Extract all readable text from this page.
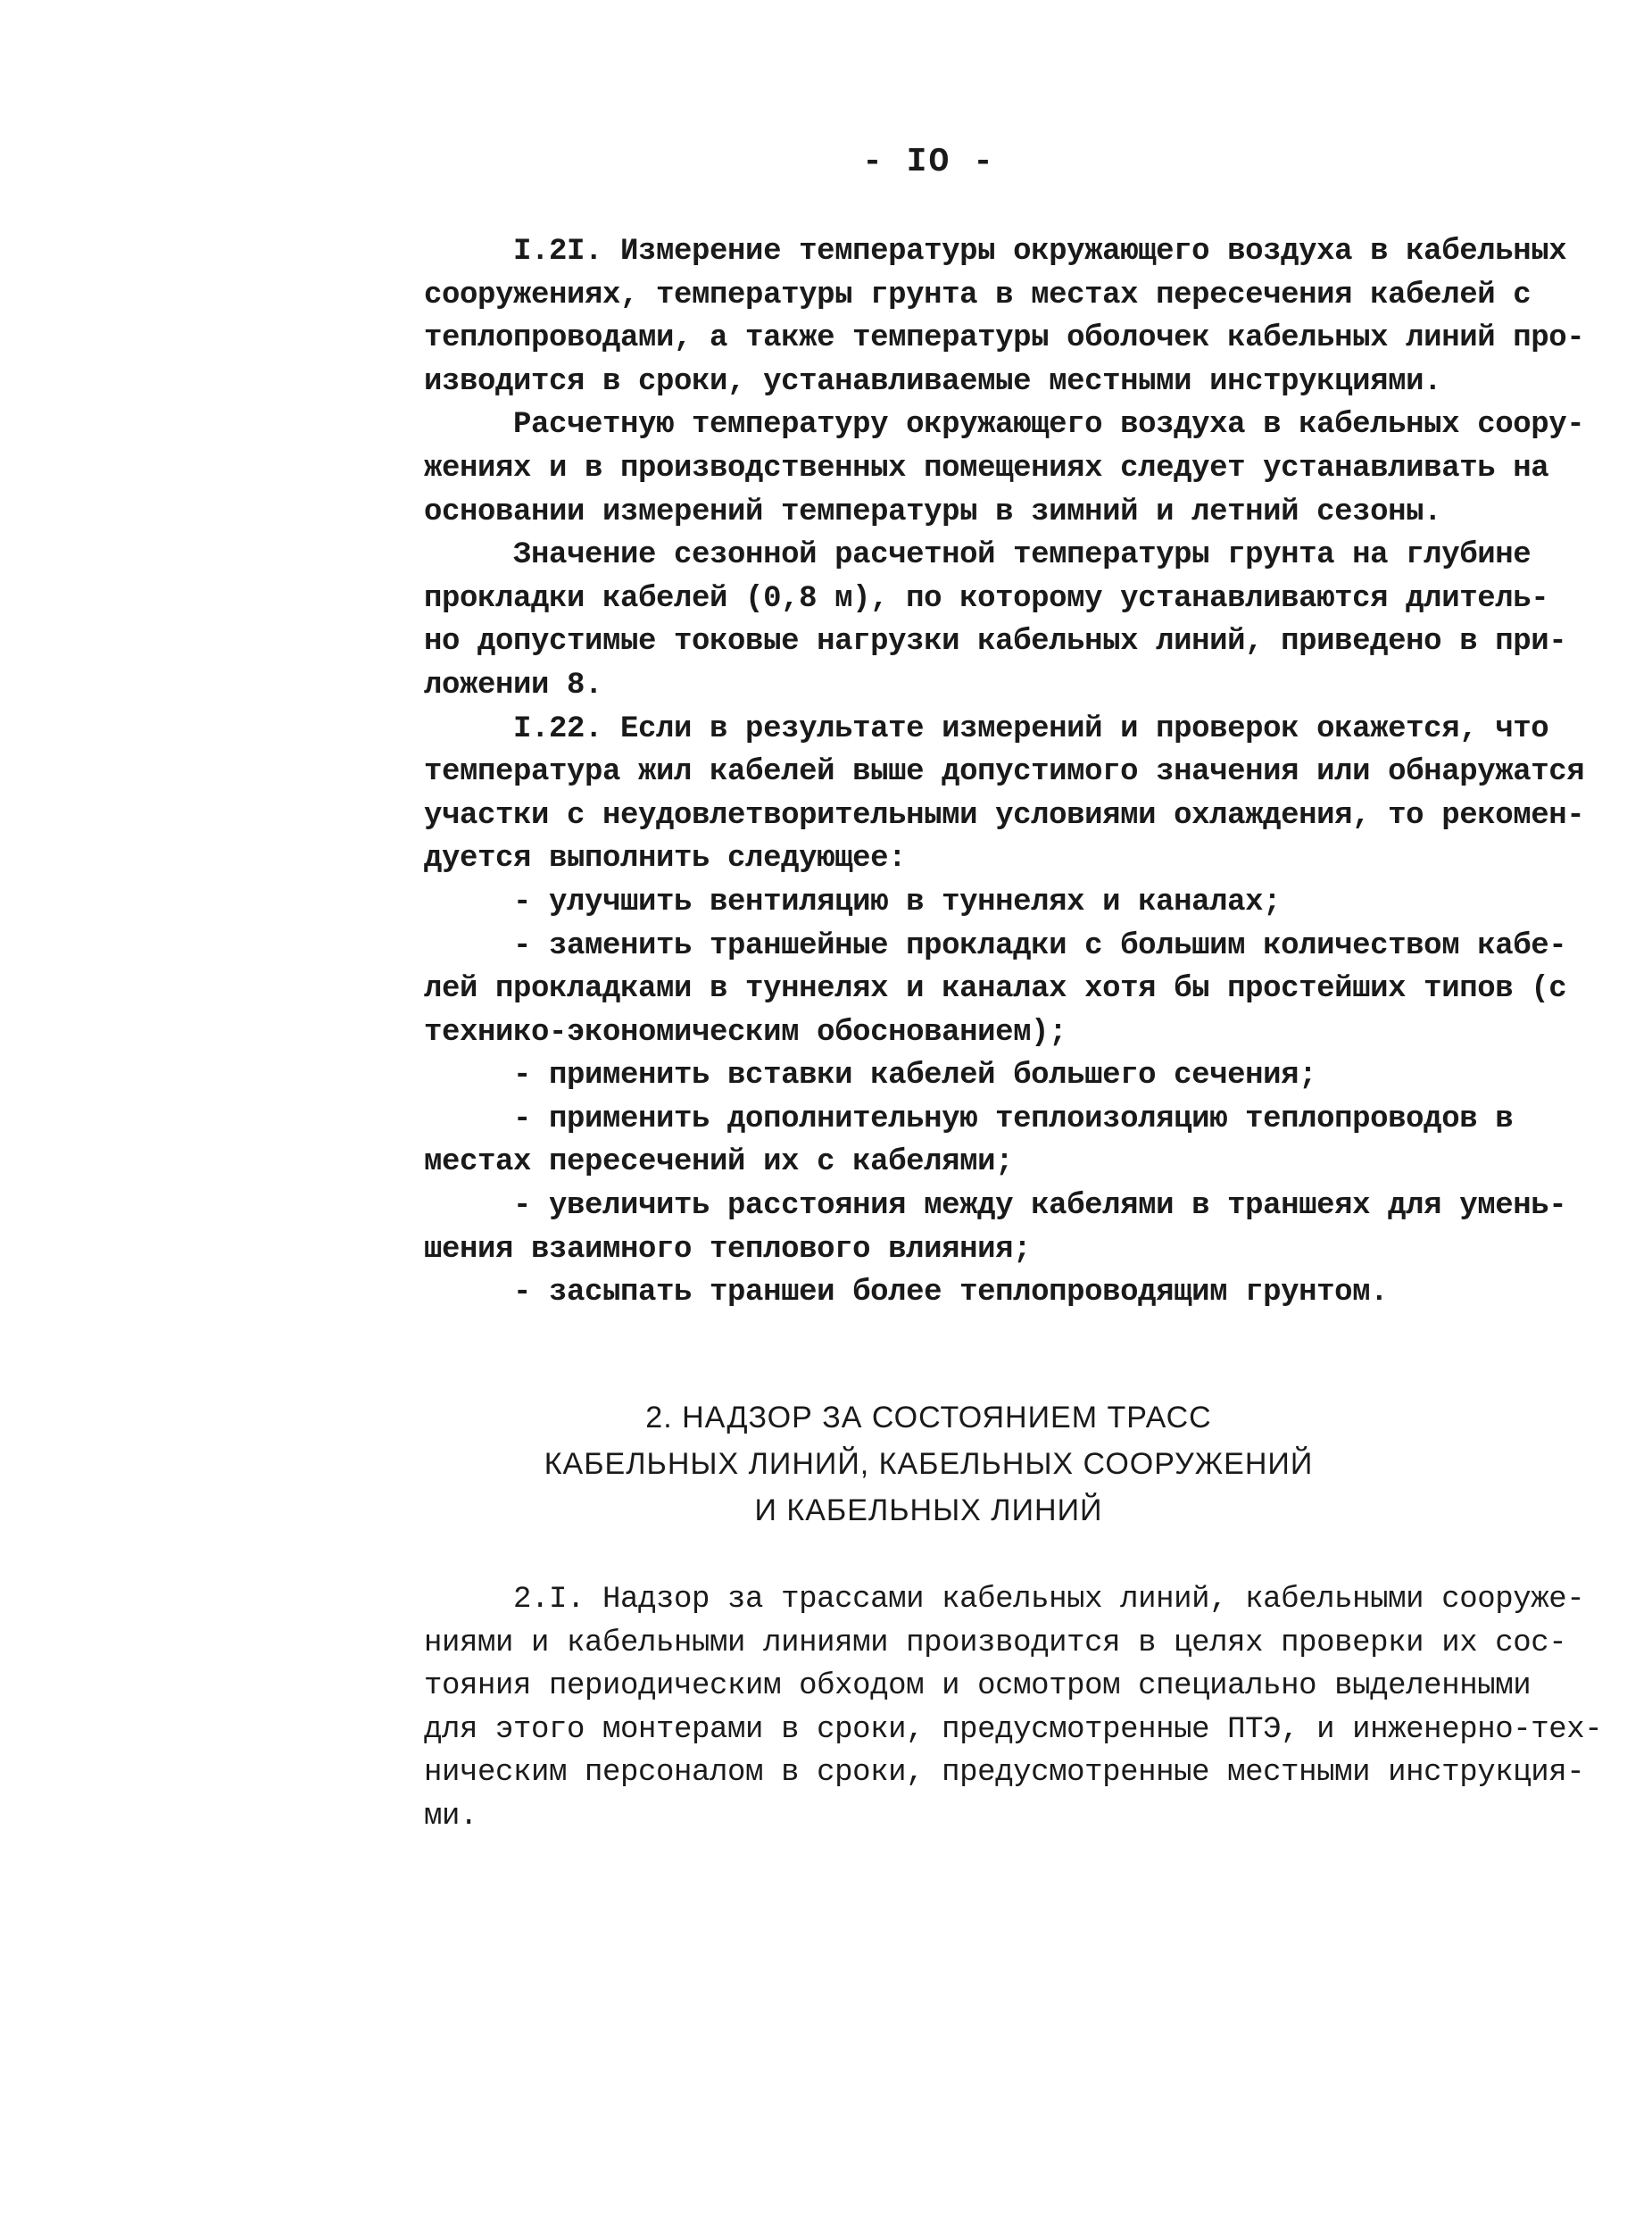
- IO -
I.2I. Измерение температуры окружающего воздуха в кабельных
сооружениях, температуры грунта в местах пересечения кабелей с
теплопроводами, а также температуры оболочек кабельных линий про-
изводится в сроки, устанавливаемые местными инструкциями.
Расчетную температуру окружающего воздуха в кабельных соору-
жениях и в производственных помещениях следует устанавливать на
основании измерений температуры в зимний и летний сезоны.
Значение сезонной расчетной температуры грунта на глубине
прокладки кабелей (0,8 м), по которому устанавливаются длитель-
но допустимые токовые нагрузки кабельных линий, приведено в при-
ложении 8.
I.22. Если в результате измерений и проверок окажется, что
температура жил кабелей выше допустимого значения или обнаружатся
участки с неудовлетворительными условиями охлаждения, то рекомен-
дуется выполнить следующее:
- улучшить вентиляцию в туннелях и каналах;
- заменить траншейные прокладки с большим количеством кабе-
лей прокладками в туннелях и каналах хотя бы простейших типов (с
технико-экономическим обоснованием);
- применить вставки кабелей большего сечения;
- применить дополнительную теплоизоляцию теплопроводов в
местах пересечений их с кабелями;
- увеличить расстояния между кабелями в траншеях для умень-
шения взаимного теплового влияния;
- засыпать траншеи более теплопроводящим грунтом.
2. НАДЗОР ЗА СОСТОЯНИЕМ ТРАСС
КАБЕЛЬНЫХ ЛИНИЙ, КАБЕЛЬНЫХ СООРУЖЕНИЙ
И КАБЕЛЬНЫХ ЛИНИЙ
2.I. Надзор за трассами кабельных линий, кабельными сооруже-
ниями и кабельными линиями производится в целях проверки их сос-
тояния периодическим обходом и осмотром специально выделенными
для этого монтерами в сроки, предусмотренные ПТЭ, и инженерно-тех-
ническим персоналом в сроки, предусмотренные местными инструкция-
ми.
